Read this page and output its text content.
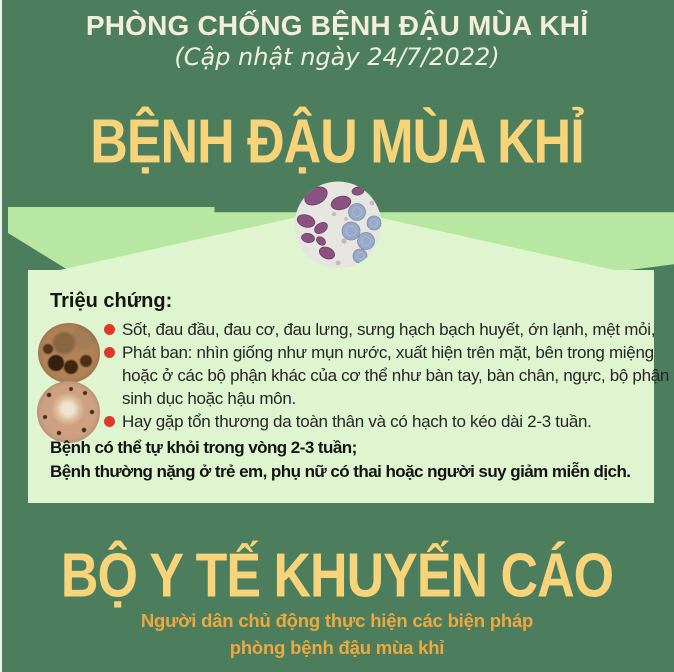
PHÒNG CHỐNG BỆNH ĐẬU MÙA KHỈ
(Cập nhật ngày 24/7/2022)
BỆNH ĐẬU MÙA KHỈ
Triệu chứng:
Sốt, đau đầu, đau cơ, đau lưng, sưng hạch bạch huyết, ớn lạnh, mệt mỏi,
Phát ban: nhìn giống như mụn nước, xuất hiện trên mặt, bên trong miệng
hoặc ở các bộ phận khác của cơ thể như bàn tay, bàn chân, ngực, bộ phận
sinh dục hoặc hậu môn.
Hay gặp tổn thương da toàn thân và có hạch to kéo dài 2-3 tuần.
Bệnh có thể tự khỏi trong vòng 2-3 tuần;
Bệnh thường nặng ở trẻ em, phụ nữ có thai hoặc người suy giảm miễn dịch.
BỘ Y TẾ KHUYẾN CÁO
Người dân chủ động thực hiện các biện pháp
phòng bệnh đậu mùa khỉ
